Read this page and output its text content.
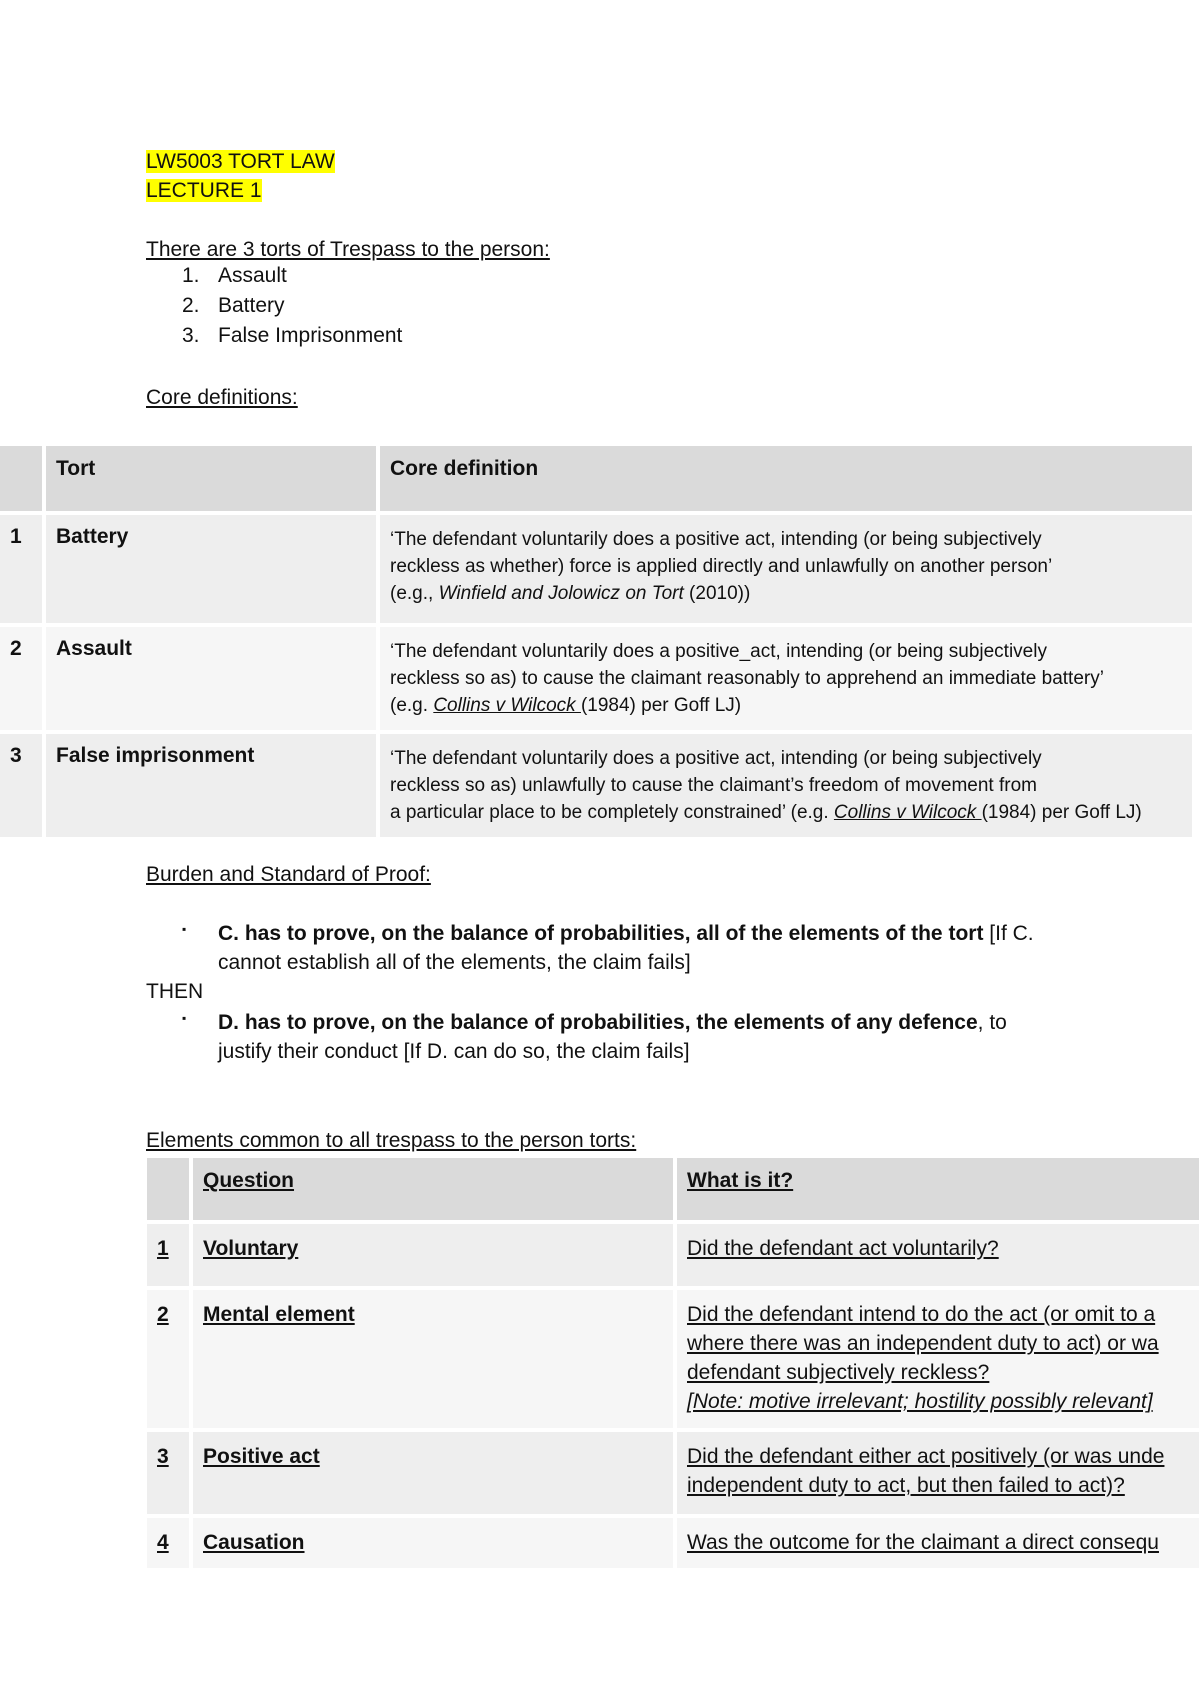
LW5003 TORT LAW
LECTURE 1
There are 3 torts of Trespass to the person:
1. Assault
2. Battery
3. False Imprisonment
Core definitions:
	Tort	Core definition
1	Battery	‘The defendant voluntarily does a positive act, intending (or being subjectively
reckless as whether) force is applied directly and unlawfully on another person’
(e.g., Winfield and Jolowicz on Tort (2010))

2	Assault	‘The defendant voluntarily does a positive_act, intending (or being subjectively
reckless so as) to cause the claimant reasonably to apprehend an immediate battery’
(e.g. Collins v Wilcock (1984) per Goff LJ)

3	False imprisonment	‘The defendant voluntarily does a positive act, intending (or being subjectively
reckless so as) unlawfully to cause the claimant’s freedom of movement from
a particular place to be completely constrained’ (e.g. Collins v Wilcock (1984) per Goff LJ)
Burden and Standard of Proof:
▪	C. has to prove, on the balance of probabilities, all of the elements of the tort [If C.
cannot establish all of the elements, the claim fails]
THEN
▪	D. has to prove, on the balance of probabilities, the elements of any defence, to
justify their conduct [If D. can do so, the claim fails]
Elements common to all trespass to the person torts:
	Question	What is it?
1	Voluntary	Did the defendant act voluntarily?

2	Mental element	Did the defendant intend to do the act (or omit to a
where there was an independent duty to act) or wa
defendant subjectively reckless?
[Note: motive irrelevant; hostility possibly relevant]

3	Positive act	Did the defendant either act positively (or was unde
independent duty to act, but then failed to act)?

4	Causation	Was the outcome for the claimant a direct consequ
